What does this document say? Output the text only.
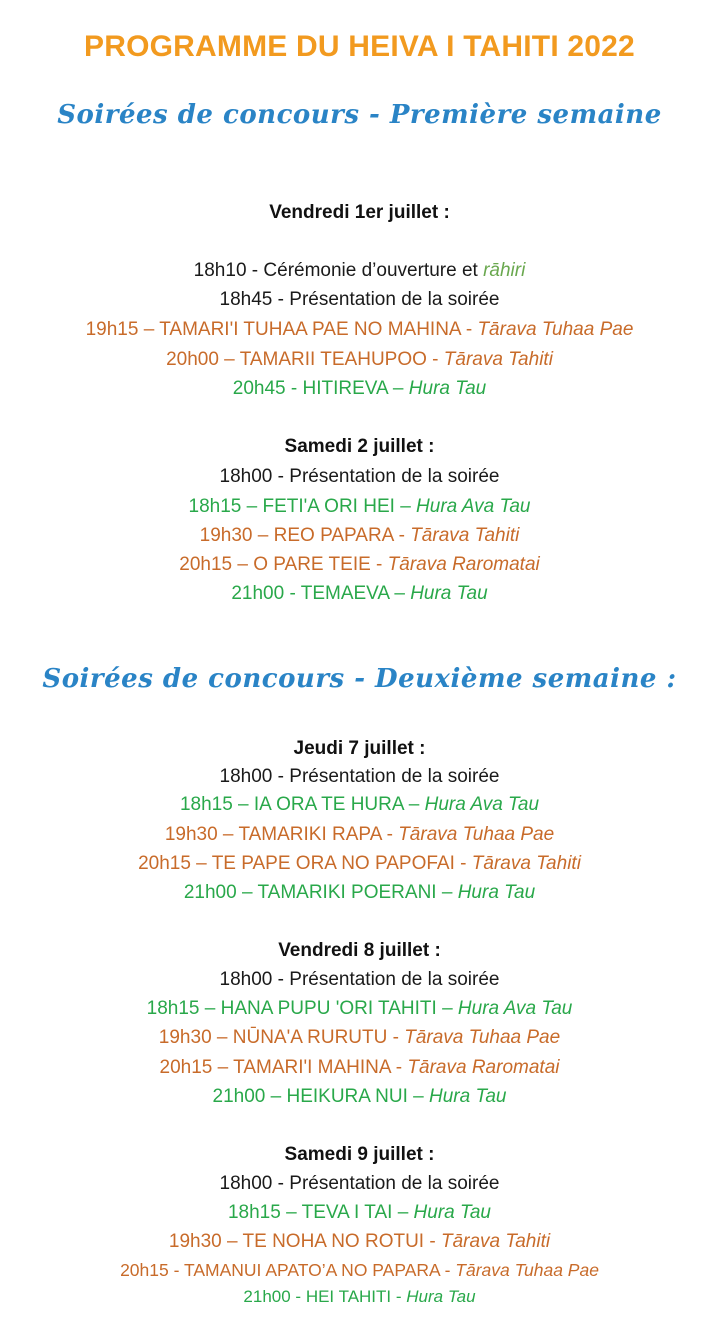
PROGRAMME DU HEIVA I TAHITI 2022
Soirées de concours - Première semaine
Soirées de concours - Deuxième semaine :
Vendredi 1er juillet :
18h10 - Cérémonie d’ouverture et rāhiri
18h45 - Présentation de la soirée
19h15 – TAMARI'I TUHAA PAE NO MAHINA - Tārava Tuhaa Pae
20h00 – TAMARII TEAHUPOO - Tārava Tahiti
20h45 - HITIREVA – Hura Tau
Samedi 2 juillet :
18h00 - Présentation de la soirée
18h15 – FETI'A ORI HEI – Hura Ava Tau
19h30 – REO PAPARA - Tārava Tahiti
20h15 – O PARE TEIE - Tārava Raromatai
21h00 - TEMAEVA – Hura Tau
Jeudi 7 juillet :
18h00 - Présentation de la soirée
18h15 – IA ORA TE HURA – Hura Ava Tau
19h30 – TAMARIKI RAPA - Tārava Tuhaa Pae
20h15 – TE PAPE ORA NO PAPOFAI - Tārava Tahiti
21h00 – TAMARIKI POERANI – Hura Tau
Vendredi 8 juillet :
18h00 - Présentation de la soirée
18h15 – HANA PUPU 'ORI TAHITI – Hura Ava Tau
19h30 – NŪNA'A RURUTU - Tārava Tuhaa Pae
20h15 – TAMARI'I MAHINA - Tārava Raromatai
21h00 – HEIKURA NUI – Hura Tau
Samedi 9 juillet :
18h00 - Présentation de la soirée
18h15 – TEVA I TAI – Hura Tau
19h30 – TE NOHA NO ROTUI - Tārava Tahiti
20h15 - TAMANUI APATO’A NO PAPARA - Tārava Tuhaa Pae
21h00 - HEI TAHITI - Hura Tau
